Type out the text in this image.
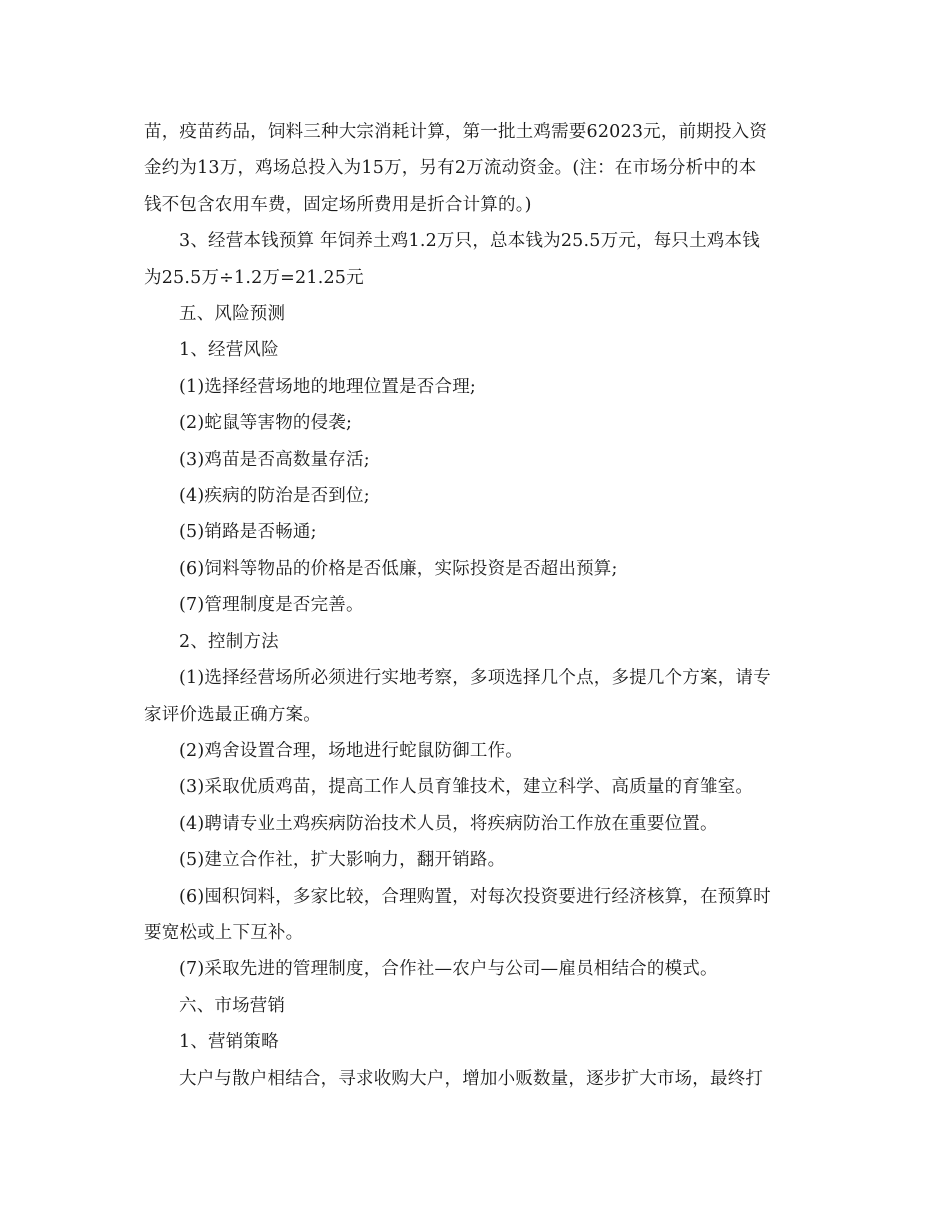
苗，疫苗药品，饲料三种大宗消耗计算，第一批土鸡需要62023元，前期投入资
金约为13万，鸡场总投入为15万，另有2万流动资金。(注：在市场分析中的本
钱不包含农用车费，固定场所费用是折合计算的。)
3、经营本钱预算 年饲养土鸡1.2万只，总本钱为25.5万元，每只土鸡本钱
为25.5万÷1.2万=21.25元
五、风险预测
1、经营风险
(1)选择经营场地的地理位置是否合理;
(2)蛇鼠等害物的侵袭;
(3)鸡苗是否高数量存活;
(4)疾病的防治是否到位;
(5)销路是否畅通;
(6)饲料等物品的价格是否低廉，实际投资是否超出预算;
(7)管理制度是否完善。
2、控制方法
(1)选择经营场所必须进行实地考察，多项选择几个点，多提几个方案，请专
家评价选最正确方案。
(2)鸡舍设置合理，场地进行蛇鼠防御工作。
(3)采取优质鸡苗，提高工作人员育雏技术，建立科学、高质量的育雏室。
(4)聘请专业土鸡疾病防治技术人员，将疾病防治工作放在重要位置。
(5)建立合作社，扩大影响力，翻开销路。
(6)囤积饲料，多家比较，合理购置，对每次投资要进行经济核算，在预算时
要宽松或上下互补。
(7)采取先进的管理制度，合作社—农户与公司—雇员相结合的模式。
六、市场营销
1、营销策略
大户与散户相结合，寻求收购大户，增加小贩数量，逐步扩大市场，最终打
